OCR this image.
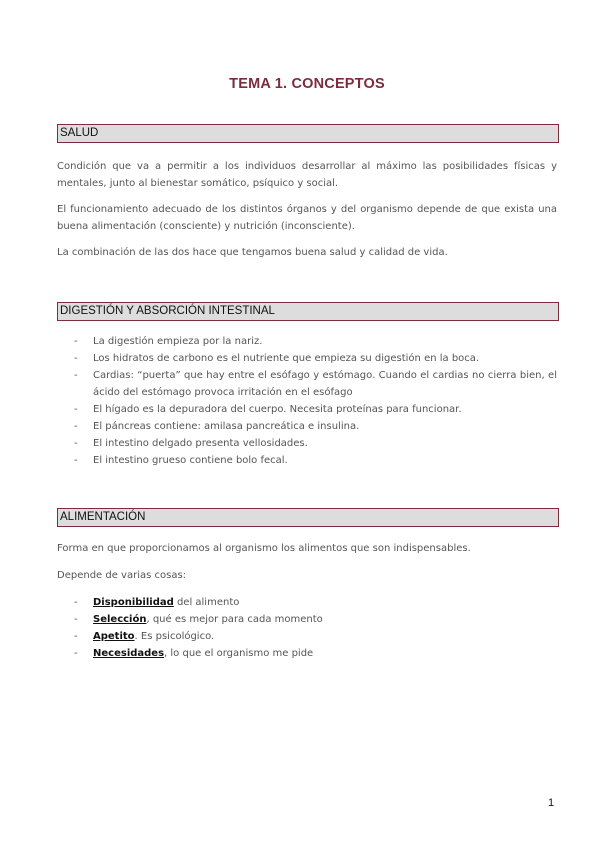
TEMA 1. CONCEPTOS
SALUD
Condición que va a permitir a los individuos desarrollar al máximo las posibilidades físicas y mentales, junto al bienestar somático, psíquico y social.
El funcionamiento adecuado de los distintos órganos y del organismo depende de que exista una buena alimentación (consciente) y nutrición (inconsciente).
La combinación de las dos hace que tengamos buena salud y calidad de vida.
DIGESTIÓN Y ABSORCIÓN INTESTINAL
- La digestión empieza por la nariz.
- Los hidratos de carbono es el nutriente que empieza su digestión en la boca.
- Cardias: “puerta” que hay entre el esófago y estómago. Cuando el cardias no cierra bien, el ácido del estómago provoca irritación en el esófago
- El hígado es la depuradora del cuerpo. Necesita proteínas para funcionar.
- El páncreas contiene: amilasa pancreática e insulina.
- El intestino delgado presenta vellosidades.
- El intestino grueso contiene bolo fecal.
ALIMENTACIÓN
Forma en que proporcionamos al organismo los alimentos que son indispensables.
Depende de varias cosas:
- Disponibilidad del alimento
- Selección, qué es mejor para cada momento
- Apetito. Es psicológico.
- Necesidades, lo que el organismo me pide
1
